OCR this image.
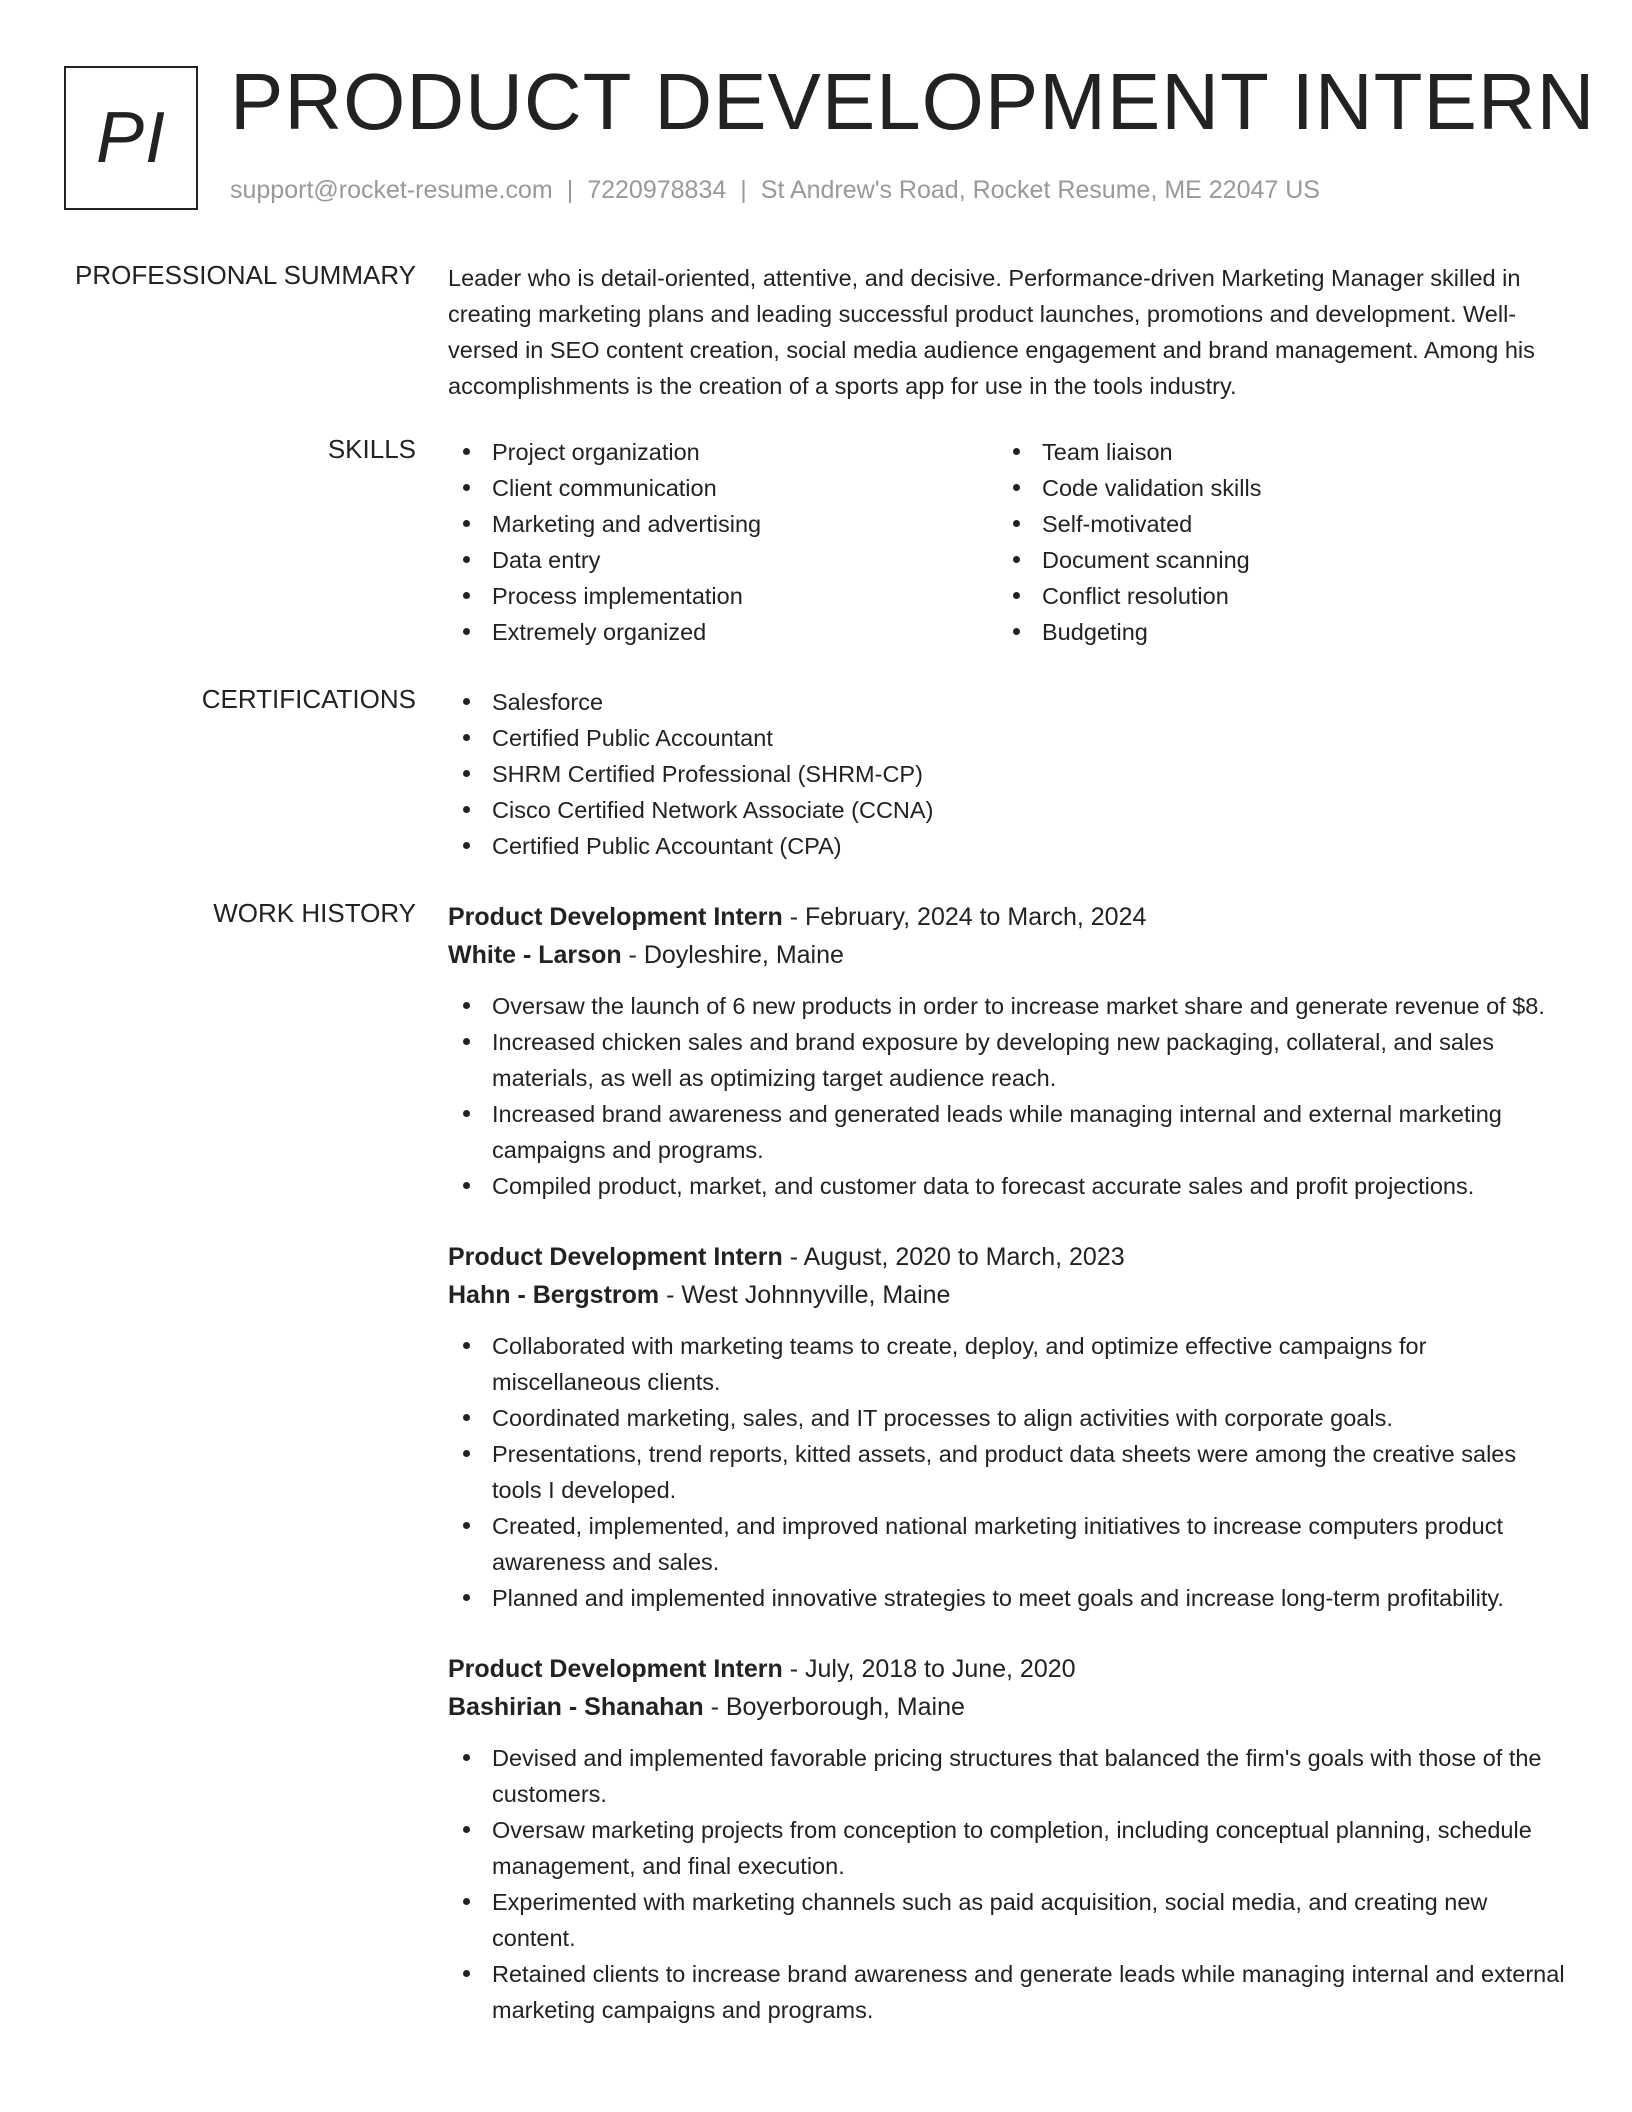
PI PRODUCT DEVELOPMENT INTERN
support@rocket-resume.com | 7220978834 | St Andrew's Road, Rocket Resume, ME 22047 US
PROFESSIONAL SUMMARY Leader who is detail-oriented, attentive, and decisive. Performance-driven Marketing Manager skilled in creating marketing plans and leading successful product launches, promotions and development. Well-versed in SEO content creation, social media audience engagement and brand management. Among his accomplishments is the creation of a sports app for use in the tools industry.
SKILLS	Project organization
Client communication
Marketing and advertising
Data entry
Process implementation
Extremely organized
Team liaison
Code validation skills
Self-motivated
Document scanning
Conflict resolution
Budgeting
CERTIFICATIONS	Salesforce
Certified Public Accountant
SHRM Certified Professional (SHRM-CP)
Cisco Certified Network Associate (CCNA)
Certified Public Accountant (CPA)
WORK HISTORY Product Development Intern - February, 2024 to March, 2024
White - Larson - Doyleshire, Maine
Oversaw the launch of 6 new products in order to increase market share and generate revenue of $8.
Increased chicken sales and brand exposure by developing new packaging, collateral, and sales materials, as well as optimizing target audience reach.
Increased brand awareness and generated leads while managing internal and external marketing campaigns and programs.
Compiled product, market, and customer data to forecast accurate sales and profit projections.
Product Development Intern - August, 2020 to March, 2023
Hahn - Bergstrom - West Johnnyville, Maine
Collaborated with marketing teams to create, deploy, and optimize effective campaigns for miscellaneous clients.
Coordinated marketing, sales, and IT processes to align activities with corporate goals.
Presentations, trend reports, kitted assets, and product data sheets were among the creative sales tools I developed.
Created, implemented, and improved national marketing initiatives to increase computers product awareness and sales.
Planned and implemented innovative strategies to meet goals and increase long-term profitability.
Product Development Intern - July, 2018 to June, 2020
Bashirian - Shanahan - Boyerborough, Maine
Devised and implemented favorable pricing structures that balanced the firm's goals with those of the customers.
Oversaw marketing projects from conception to completion, including conceptual planning, schedule management, and final execution.
Experimented with marketing channels such as paid acquisition, social media, and creating new content.
Retained clients to increase brand awareness and generate leads while managing internal and external marketing campaigns and programs.
